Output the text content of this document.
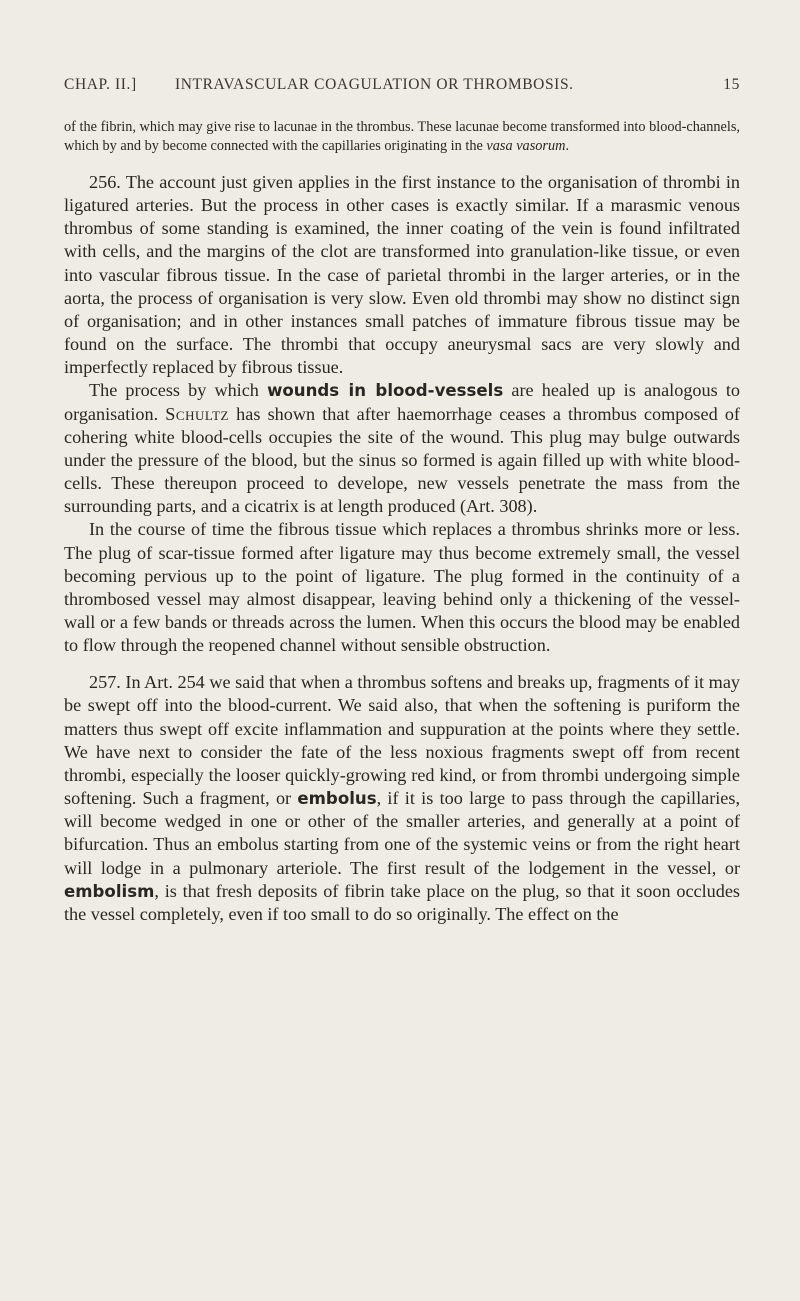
CHAP. II.] INTRAVASCULAR COAGULATION OR THROMBOSIS.	15

of the fibrin, which may give rise to lacunae in the thrombus. These lacunae become transformed into blood-channels, which by and by become connected with the capillaries originating in the vasa vasorum.

256. The account just given applies in the first instance to the organisation of thrombi in ligatured arteries. But the process in other cases is exactly similar. If a marasmic venous thrombus of some standing is examined, the inner coating of the vein is found infiltrated with cells, and the margins of the clot are transformed into granulation-like tissue, or even into vascular fibrous tissue. In the case of parietal thrombi in the larger arteries, or in the aorta, the process of organisation is very slow. Even old thrombi may show no distinct sign of organisation; and in other instances small patches of immature fibrous tissue may be found on the surface. The thrombi that occupy aneurysmal sacs are very slowly and imperfectly replaced by fibrous tissue.

The process by which wounds in blood-vessels are healed up is analogous to organisation. Schultz has shown that after haemorrhage ceases a thrombus composed of cohering white blood-cells occupies the site of the wound. This plug may bulge outwards under the pressure of the blood, but the sinus so formed is again filled up with white blood-cells. These thereupon proceed to develope, new vessels penetrate the mass from the surrounding parts, and a cicatrix is at length produced (Art. 308).

In the course of time the fibrous tissue which replaces a thrombus shrinks more or less. The plug of scar-tissue formed after ligature may thus become extremely small, the vessel becoming pervious up to the point of ligature. The plug formed in the continuity of a thrombosed vessel may almost disappear, leaving behind only a thickening of the vessel-wall or a few bands or threads across the lumen. When this occurs the blood may be enabled to flow through the reopened channel without sensible obstruction.

257. In Art. 254 we said that when a thrombus softens and breaks up, fragments of it may be swept off into the blood-current. We said also, that when the softening is puriform the matters thus swept off excite inflammation and suppuration at the points where they settle. We have next to consider the fate of the less noxious fragments swept off from recent thrombi, especially the looser quickly-growing red kind, or from thrombi undergoing simple softening. Such a fragment, or embolus, if it is too large to pass through the capillaries, will become wedged in one or other of the smaller arteries, and generally at a point of bifurcation. Thus an embolus starting from one of the systemic veins or from the right heart will lodge in a pulmonary arteriole. The first result of the lodgement in the vessel, or embolism, is that fresh deposits of fibrin take place on the plug, so that it soon occludes the vessel completely, even if too small to do so originally. The effect on the
